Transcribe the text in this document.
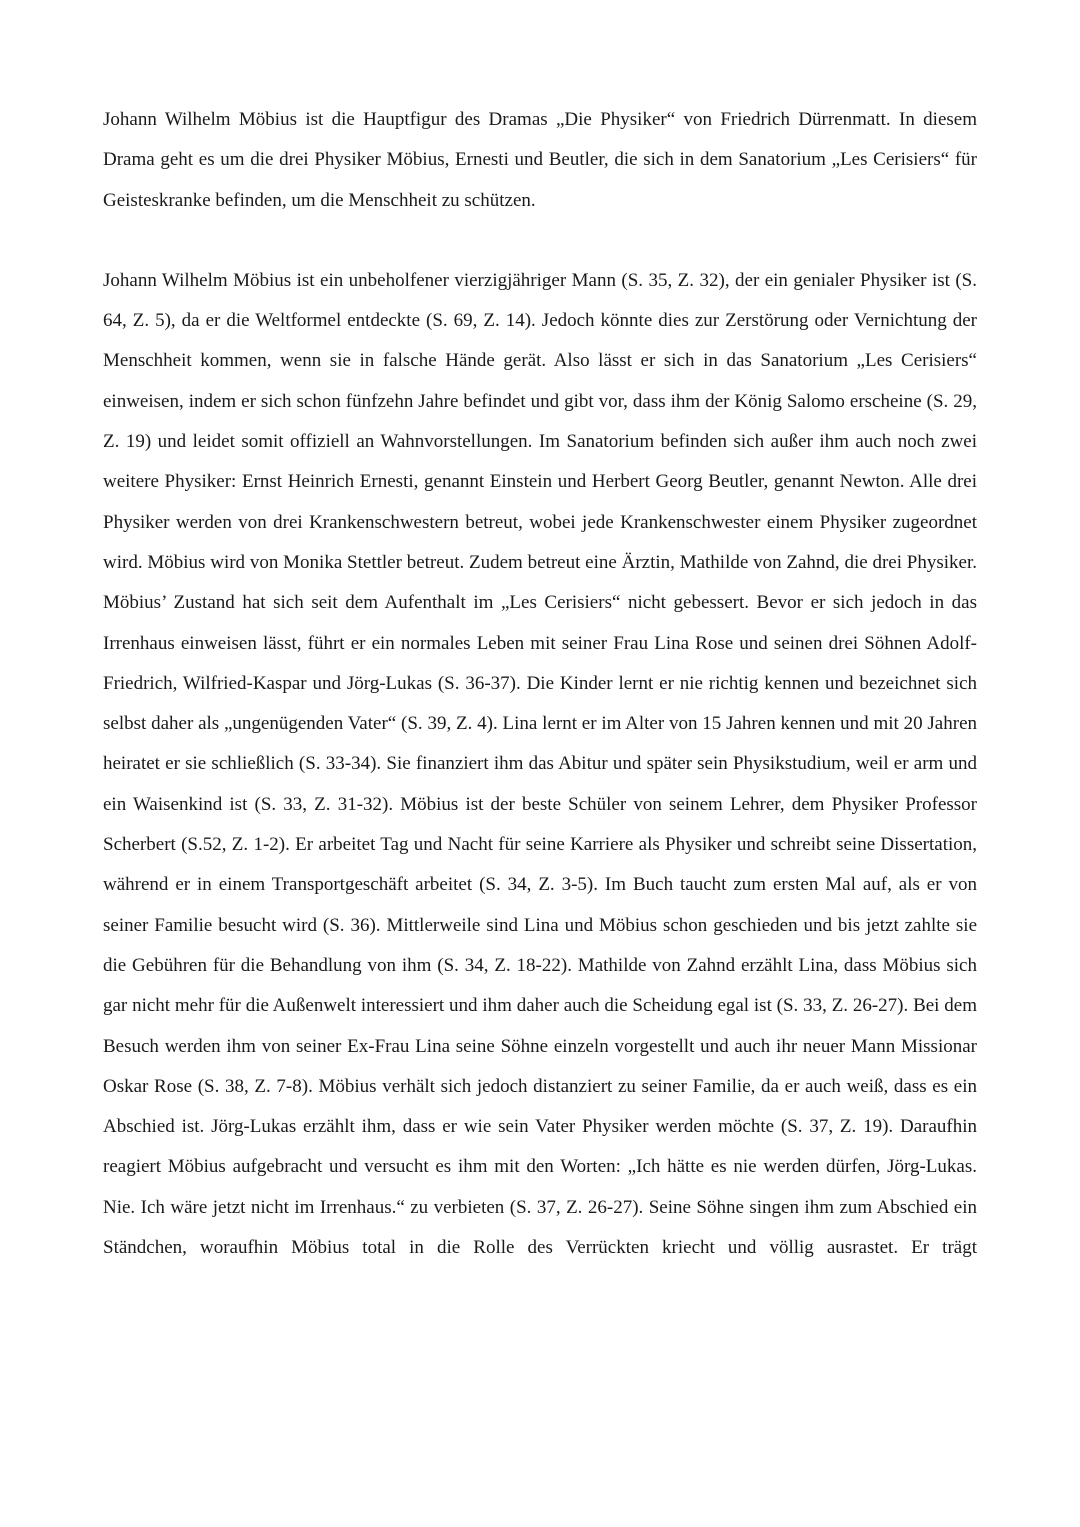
Johann Wilhelm Möbius ist die Hauptfigur des Dramas „Die Physiker“ von Friedrich Dürrenmatt. In diesem Drama geht es um die drei Physiker Möbius, Ernesti und Beutler, die sich in dem Sanatorium „Les Cerisiers“ für Geisteskranke befinden, um die Menschheit zu schützen.

Johann Wilhelm Möbius ist ein unbeholfener vierzigjähriger Mann (S. 35, Z. 32), der ein genialer Physiker ist (S. 64, Z. 5), da er die Weltformel entdeckte (S. 69, Z. 14). Jedoch könnte dies zur Zerstörung oder Vernichtung der Menschheit kommen, wenn sie in falsche Hände gerät. Also lässt er sich in das Sanatorium „Les Cerisiers“ einweisen, indem er sich schon fünfzehn Jahre befindet und gibt vor, dass ihm der König Salomo erscheine (S. 29, Z. 19) und leidet somit offiziell an Wahnvorstellungen. Im Sanatorium befinden sich außer ihm auch noch zwei weitere Physiker: Ernst Heinrich Ernesti, genannt Einstein und Herbert Georg Beutler, genannt Newton. Alle drei Physiker werden von drei Krankenschwestern betreut, wobei jede Krankenschwester einem Physiker zugeordnet wird. Möbius wird von Monika Stettler betreut. Zudem betreut eine Ärztin, Mathilde von Zahnd, die drei Physiker. Möbius’ Zustand hat sich seit dem Aufenthalt im „Les Cerisiers“ nicht gebessert. Bevor er sich jedoch in das Irrenhaus einweisen lässt, führt er ein normales Leben mit seiner Frau Lina Rose und seinen drei Söhnen Adolf-Friedrich, Wilfried-Kaspar und Jörg-Lukas (S. 36-37). Die Kinder lernt er nie richtig kennen und bezeichnet sich selbst daher als „ungenügenden Vater“ (S. 39, Z. 4). Lina lernt er im Alter von 15 Jahren kennen und mit 20 Jahren heiratet er sie schließlich (S. 33-34). Sie finanziert ihm das Abitur und später sein Physikstudium, weil er arm und ein Waisenkind ist (S. 33, Z. 31-32). Möbius ist der beste Schüler von seinem Lehrer, dem Physiker Professor Scherbert (S.52, Z. 1-2). Er arbeitet Tag und Nacht für seine Karriere als Physiker und schreibt seine Dissertation, während er in einem Transportgeschäft arbeitet (S. 34, Z. 3-5). Im Buch taucht zum ersten Mal auf, als er von seiner Familie besucht wird (S. 36). Mittlerweile sind Lina und Möbius schon geschieden und bis jetzt zahlte sie die Gebühren für die Behandlung von ihm (S. 34, Z. 18-22). Mathilde von Zahnd erzählt Lina, dass Möbius sich gar nicht mehr für die Außenwelt interessiert und ihm daher auch die Scheidung egal ist (S. 33, Z. 26-27). Bei dem Besuch werden ihm von seiner Ex-Frau Lina seine Söhne einzeln vorgestellt und auch ihr neuer Mann Missionar Oskar Rose (S. 38, Z. 7-8). Möbius verhält sich jedoch distanziert zu seiner Familie, da er auch weiß, dass es ein Abschied ist. Jörg-Lukas erzählt ihm, dass er wie sein Vater Physiker werden möchte (S. 37, Z. 19). Daraufhin reagiert Möbius aufgebracht und versucht es ihm mit den Worten: „Ich hätte es nie werden dürfen, Jörg-Lukas. Nie. Ich wäre jetzt nicht im Irrenhaus.“ zu verbieten (S. 37, Z. 26-27). Seine Söhne singen ihm zum Abschied ein Ständchen, woraufhin Möbius total in die Rolle des Verrückten kriecht und völlig ausrastet. Er trägt
